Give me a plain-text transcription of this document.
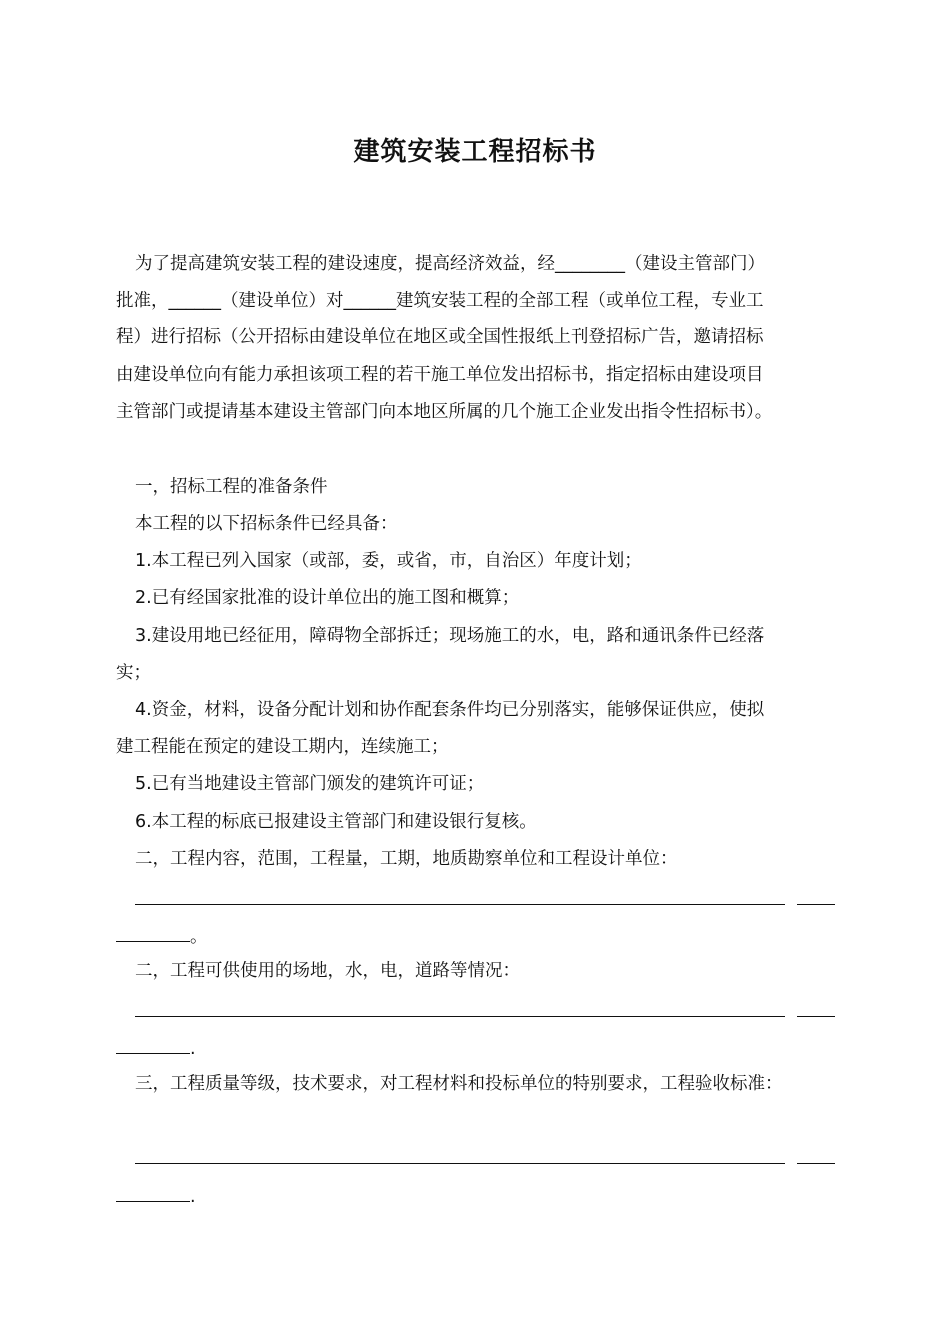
建筑安装工程招标书
为了提高建筑安装工程的建设速度，提高经济效益，经________（建设主管部门）
批准，______（建设单位）对______建筑安装工程的全部工程（或单位工程，专业工
程）进行招标（公开招标由建设单位在地区或全国性报纸上刊登招标广告，邀请招标
由建设单位向有能力承担该项工程的若干施工单位发出招标书，指定招标由建设项目
主管部门或提请基本建设主管部门向本地区所属的几个施工企业发出指令性招标书）。
一，招标工程的准备条件
本工程的以下招标条件已经具备：
1.本工程已列入国家（或部，委，或省，市，自治区）年度计划；
2.已有经国家批准的设计单位出的施工图和概算；
3.建设用地已经征用，障碍物全部拆迁；现场施工的水，电，路和通讯条件已经落
实；
4.资金，材料，设备分配计划和协作配套条件均已分别落实，能够保证供应，使拟
建工程能在预定的建设工期内，连续施工；
5.已有当地建设主管部门颁发的建筑许可证；
6.本工程的标底已报建设主管部门和建设银行复核。
二，工程内容，范围，工程量，工期，地质勘察单位和工程设计单位：
。
二，工程可供使用的场地，水，电，道路等情况：
.
三，工程质量等级，技术要求，对工程材料和投标单位的特别要求，工程验收标准：
.
